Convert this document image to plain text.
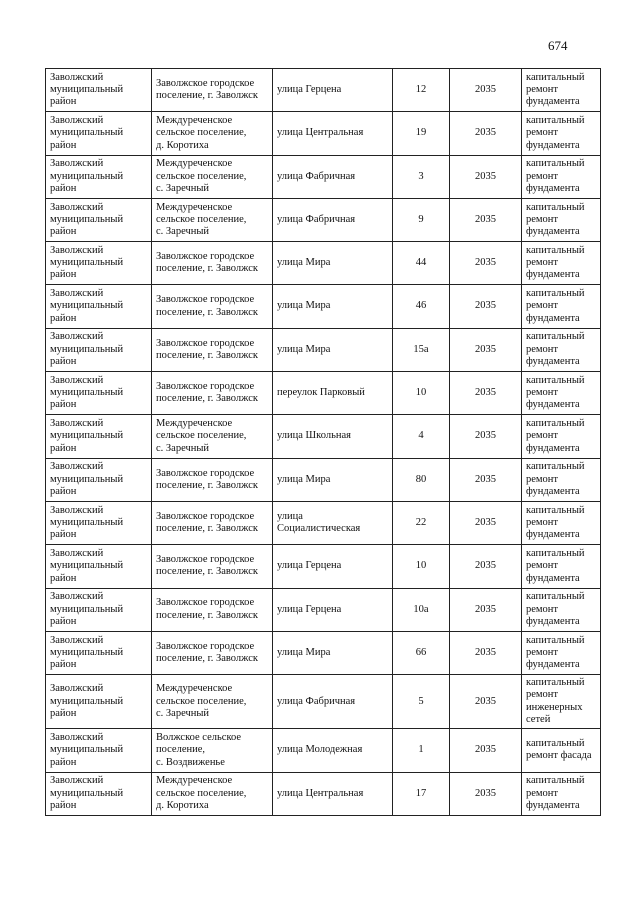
674
Заволжский
муниципальный
район	Заволжское городское
поселение, г. Заволжск	улица Герцена	12	2035	капитальный
ремонт
фундамента

Заволжский
муниципальный
район	Междуреченское
сельское поселение,
д. Коротиха	улица Центральная	19	2035	капитальный
ремонт
фундамента

Заволжский
муниципальный
район	Междуреченское
сельское поселение,
с. Заречный	улица Фабричная	3	2035	капитальный
ремонт
фундамента

Заволжский
муниципальный
район	Междуреченское
сельское поселение,
с. Заречный	улица Фабричная	9	2035	капитальный
ремонт
фундамента

Заволжский
муниципальный
район	Заволжское городское
поселение, г. Заволжск	улица Мира	44	2035	капитальный
ремонт
фундамента

Заволжский
муниципальный
район	Заволжское городское
поселение, г. Заволжск	улица Мира	46	2035	капитальный
ремонт
фундамента

Заволжский
муниципальный
район	Заволжское городское
поселение, г. Заволжск	улица Мира	15а	2035	капитальный
ремонт
фундамента

Заволжский
муниципальный
район	Заволжское городское
поселение, г. Заволжск	переулок Парковый	10	2035	капитальный
ремонт
фундамента

Заволжский
муниципальный
район	Междуреченское
сельское поселение,
с. Заречный	улица Школьная	4	2035	капитальный
ремонт
фундамента

Заволжский
муниципальный
район	Заволжское городское
поселение, г. Заволжск	улица Мира	80	2035	капитальный
ремонт
фундамента

Заволжский
муниципальный
район	Заволжское городское
поселение, г. Заволжск	улица
Социалистическая	22	2035	капитальный
ремонт
фундамента

Заволжский
муниципальный
район	Заволжское городское
поселение, г. Заволжск	улица Герцена	10	2035	капитальный
ремонт
фундамента

Заволжский
муниципальный
район	Заволжское городское
поселение, г. Заволжск	улица Герцена	10а	2035	капитальный
ремонт
фундамента

Заволжский
муниципальный
район	Заволжское городское
поселение, г. Заволжск	улица Мира	66	2035	капитальный
ремонт
фундамента

Заволжский
муниципальный
район	Междуреченское
сельское поселение,
с. Заречный	улица Фабричная	5	2035	капитальный
ремонт
инженерных
сетей

Заволжский
муниципальный
район	Волжское сельское
поселение,
с. Воздвиженье	улица Молодежная	1	2035	капитальный
ремонт фасада

Заволжский
муниципальный
район	Междуреченское
сельское поселение,
д. Коротиха	улица Центральная	17	2035	капитальный
ремонт
фундамента
